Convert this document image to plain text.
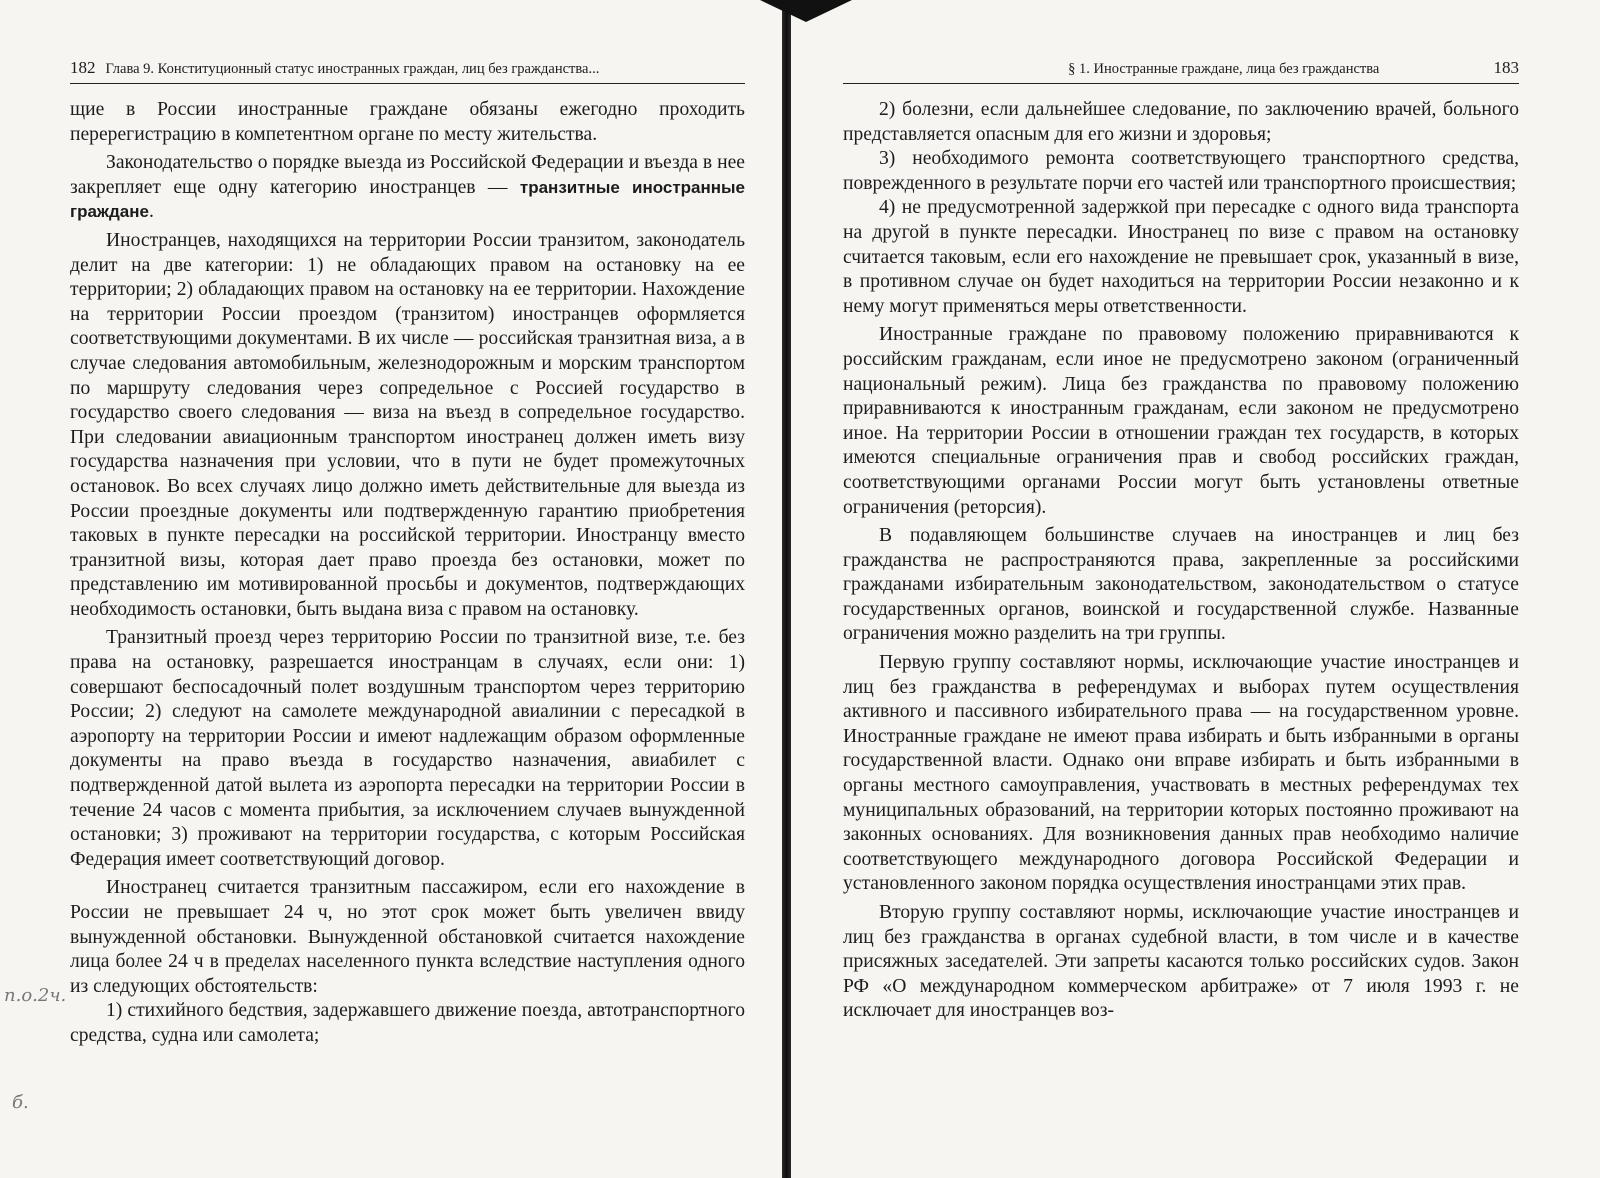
182 Глава 9. Конституционный статус иностранных граждан, лиц без гражданства...

щие в России иностранные граждане обязаны ежегодно проходить перерегистрацию в компетентном органе по месту жительства.

Законодательство о порядке выезда из Российской Федерации и въезда в нее закрепляет еще одну категорию иностранцев — транзитные иностранные граждане.

Иностранцев, находящихся на территории России транзитом, законодатель делит на две категории: 1) не обладающих правом на остановку на ее территории; 2) обладающих правом на остановку на ее территории. Нахождение на территории России проездом (транзитом) иностранцев оформляется соответствующими документами. В их числе — российская транзитная виза, а в случае следования автомобильным, железнодорожным и морским транспортом по маршруту следования через сопредельное с Россией государство в государство своего следования — виза на въезд в сопредельное государство. При следовании авиационным транспортом иностранец должен иметь визу государства назначения при условии, что в пути не будет промежуточных остановок. Во всех случаях лицо должно иметь действительные для выезда из России проездные документы или подтвержденную гарантию приобретения таковых в пункте пересадки на российской территории. Иностранцу вместо транзитной визы, которая дает право проезда без остановки, может по представлению им мотивированной просьбы и документов, подтверждающих необходимость остановки, быть выдана виза с правом на остановку.

Транзитный проезд через территорию России по транзитной визе, т.е. без права на остановку, разрешается иностранцам в случаях, если они: 1) совершают беспосадочный полет воздушным транспортом через территорию России; 2) следуют на самолете международной авиалинии с пересадкой в аэропорту на территории России и имеют надлежащим образом оформленные документы на право въезда в государство назначения, авиабилет с подтвержденной датой вылета из аэропорта пересадки на территории России в течение 24 часов с момента прибытия, за исключением случаев вынужденной остановки; 3) проживают на территории государства, с которым Российская Федерация имеет соответствующий договор.

Иностранец считается транзитным пассажиром, если его нахождение в России не превышает 24 ч, но этот срок может быть увеличен ввиду вынужденной обстановки. Вынужденной обстановкой считается нахождение лица более 24 ч в пределах населенного пункта вследствие наступления одного из следующих обстоятельств:

1) стихийного бедствия, задержавшего движение поезда, автотранспортного средства, судна или самолета;

п.о.2ч.
б.
§ 1. Иностранные граждане, лица без гражданства	183

2) болезни, если дальнейшее следование, по заключению врачей, больного представляется опасным для его жизни и здоровья;

3) необходимого ремонта соответствующего транспортного средства, поврежденного в результате порчи его частей или транспортного происшествия;

4) не предусмотренной задержкой при пересадке с одного вида транспорта на другой в пункте пересадки. Иностранец по визе с правом на остановку считается таковым, если его нахождение не превышает срок, указанный в визе, в противном случае он будет находиться на территории России незаконно и к нему могут применяться меры ответственности.

Иностранные граждане по правовому положению приравниваются к российским гражданам, если иное не предусмотрено законом (ограниченный национальный режим). Лица без гражданства по правовому положению приравниваются к иностранным гражданам, если законом не предусмотрено иное. На территории России в отношении граждан тех государств, в которых имеются специальные ограничения прав и свобод российских граждан, соответствующими органами России могут быть установлены ответные ограничения (реторсия).

В подавляющем большинстве случаев на иностранцев и лиц без гражданства не распространяются права, закрепленные за российскими гражданами избирательным законодательством, законодательством о статусе государственных органов, воинской и государственной службе. Названные ограничения можно разделить на три группы.

Первую группу составляют нормы, исключающие участие иностранцев и лиц без гражданства в референдумах и выборах путем осуществления активного и пассивного избирательного права — на государственном уровне. Иностранные граждане не имеют права избирать и быть избранными в органы государственной власти. Однако они вправе избирать и быть избранными в органы местного самоуправления, участвовать в местных референдумах тех муниципальных образований, на территории которых постоянно проживают на законных основаниях. Для возникновения данных прав необходимо наличие соответствующего международного договора Российской Федерации и установленного законом порядка осуществления иностранцами этих прав.

Вторую группу составляют нормы, исключающие участие иностранцев и лиц без гражданства в органах судебной власти, в том числе и в качестве присяжных заседателей. Эти запреты касаются только российских судов. Закон РФ «О международном коммерческом арбитраже» от 7 июля 1993 г. не исключает для иностранцев воз-
